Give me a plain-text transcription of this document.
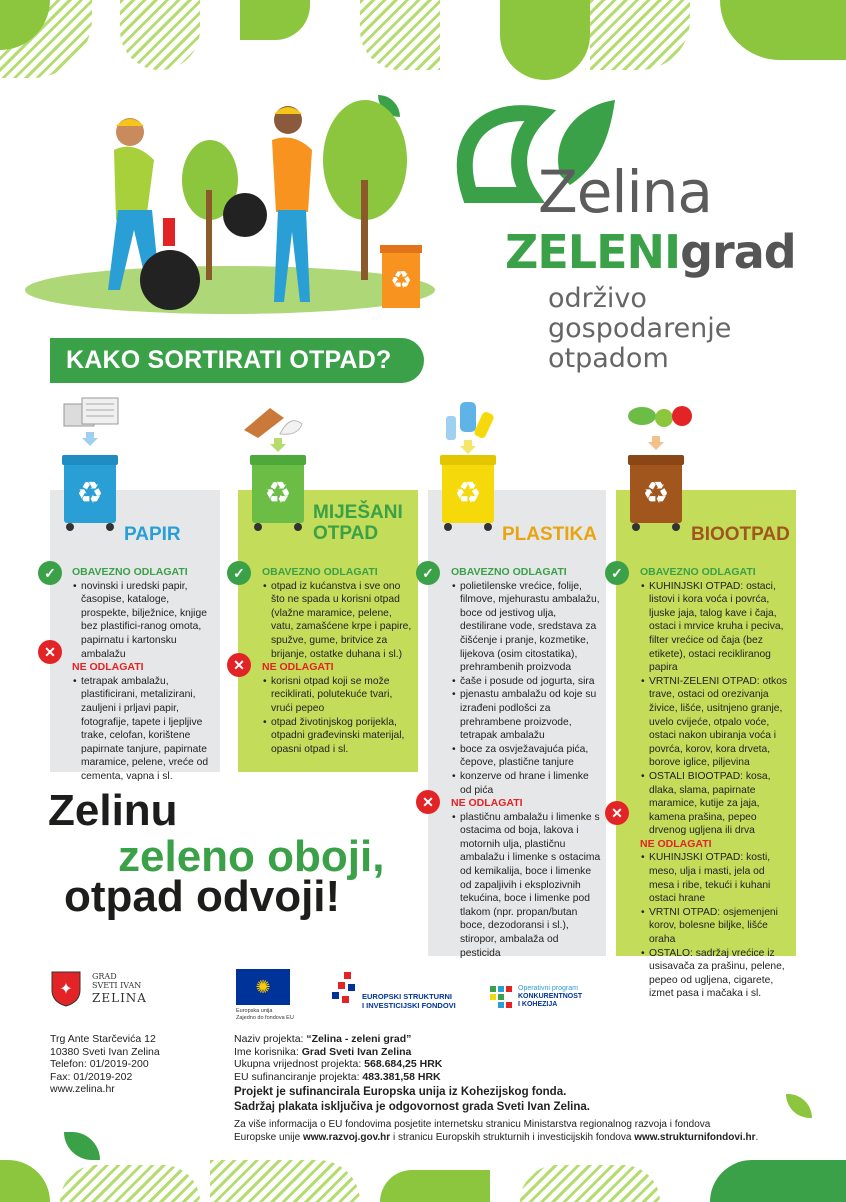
♻
Zelina
ZELENIgrad
održivo
gospodarenje
otpadom
KAKO SORTIRATI OTPAD?
♻	♻	♻	♻
PAPIR
MIJEŠANI
OTPAD	PLASTIKA	BIOOTPAD
✓
✕
✓
✕
✓
✕
✓
✕
OBAVEZNO ODLAGATI
• novinski i uredski papir, časopise, kataloge, prospekte, bilježnice, knjige bez plastifici-ranog omota, papirnatu i kartonsku ambalažu
NE ODLAGATI
• tetrapak ambalažu, plastificirani, metalizirani, zauljeni i prljavi papir, fotografije, tapete i ljepljive trake, celofan, korištene papirnate tanjure, papirnate maramice, pelene, vreće od cementa, vapna i sl.
OBAVEZNO ODLAGATI
• otpad iz kućanstva i sve ono što ne spada u korisni otpad (vlažne maramice, pelene, vatu, zamašćene krpe i papire, spužve, gume, britvice za brijanje, ostatke duhana i sl.)
NE ODLAGATI
• korisni otpad koji se može reciklirati, polutekuće tvari, vrući pepeo
• otpad životinjskog porijekla, otpadni građevinski materijal, opasni otpad i sl.
OBAVEZNO ODLAGATI
• polietilenske vrećice, folije, filmove, mjehurastu ambalažu, boce od jestivog ulja, destilirane vode, sredstava za čišćenje i pranje, kozmetike, lijekova (osim citostatika), prehrambenih proizvoda
• čaše i posude od jogurta, sira
• pjenastu ambalažu od koje su izrađeni podlošci za prehrambene proizvode, tetrapak ambalažu
• boce za osvježavajuća pića, čepove, plastične tanjure
• konzerve od hrane i limenke od pića
NE ODLAGATI
• plastičnu ambalažu i limenke s ostacima od boja, lakova i motornih ulja, plastičnu ambalažu i limenke s ostacima od kemikalija, boce i limenke od zapaljivih i eksplozivnih tekućina, boce i limenke pod tlakom (npr. propan/butan boce, dezodoransi i sl.), stiropor, ambalaža od pesticida
OBAVEZNO ODLAGATI
• KUHINJSKI OTPAD: ostaci, listovi i kora voća i povrća, ljuske jaja, talog kave i čaja, ostaci i mrvice kruha i peciva, filter vrećice od čaja (bez etikete), ostaci reciklirаnog papira
• VRTNI-ZELENI OTPAD: otkos trave, ostaci od orezivanja živice, lišće, usitnjeno granje, uvelo cvijeće, otpalo voće, ostaci nakon ubiranja voća i povrća, korov, kora drveta, borove iglice, piljevina
• OSTALI BIOOTPAD: kosa, dlaka, slama, papirnate maramice, kutije za jaja, kamena prašina, pepeo drvenog ugljena ili drva
NE ODLAGATI
• KUHINJSKI OTPAD: kosti, meso, ulja i masti, jela od mesa i ribe, tekući i kuhani ostaci hrane
• VRTNI OTPAD: osjemenjeni korov, bolesne biljke, lišće oraha
• OSTALO: sadržaj vrećice iz usisavača za prašinu, pelene, pepeo od ugljena, cigarete, izmet pasa i mačaka i sl.
Zelinu
zeleno oboji,
otpad odvoji!
✦
GRAD
SVETI IVAN
ZELINA
✺
Europska unija
Zajedno do fondova EU
EUROPSKI STRUKTURNI
I INVESTICIJSKI FONDOVI
Operativni program
KONKURENTNOST
I KOHEZIJA
Trg Ante Starčevića 12
10380 Sveti Ivan Zelina
Telefon: 01/2019-200
Fax: 01/2019-202
www.zelina.hr
Naziv projekta: “Zelina - zeleni grad”
Ime korisnika: Grad Sveti Ivan Zelina
Ukupna vrijednost projekta: 568.684,25 HRK
EU sufinanciranje projekta: 483.381,58 HRK
Projekt je sufinancirala Europska unija iz Kohezijskog fonda.
Sadržaj plakata isključiva je odgovornost grada Sveti Ivan Zelina.
Za više informacija o EU fondovima posjetite internetsku stranicu Ministarstva regionalnog razvoja i fondova
Europske unije www.razvoj.gov.hr i stranicu Europskih strukturnih i investicijskih fondova www.strukturnifondovi.hr.
